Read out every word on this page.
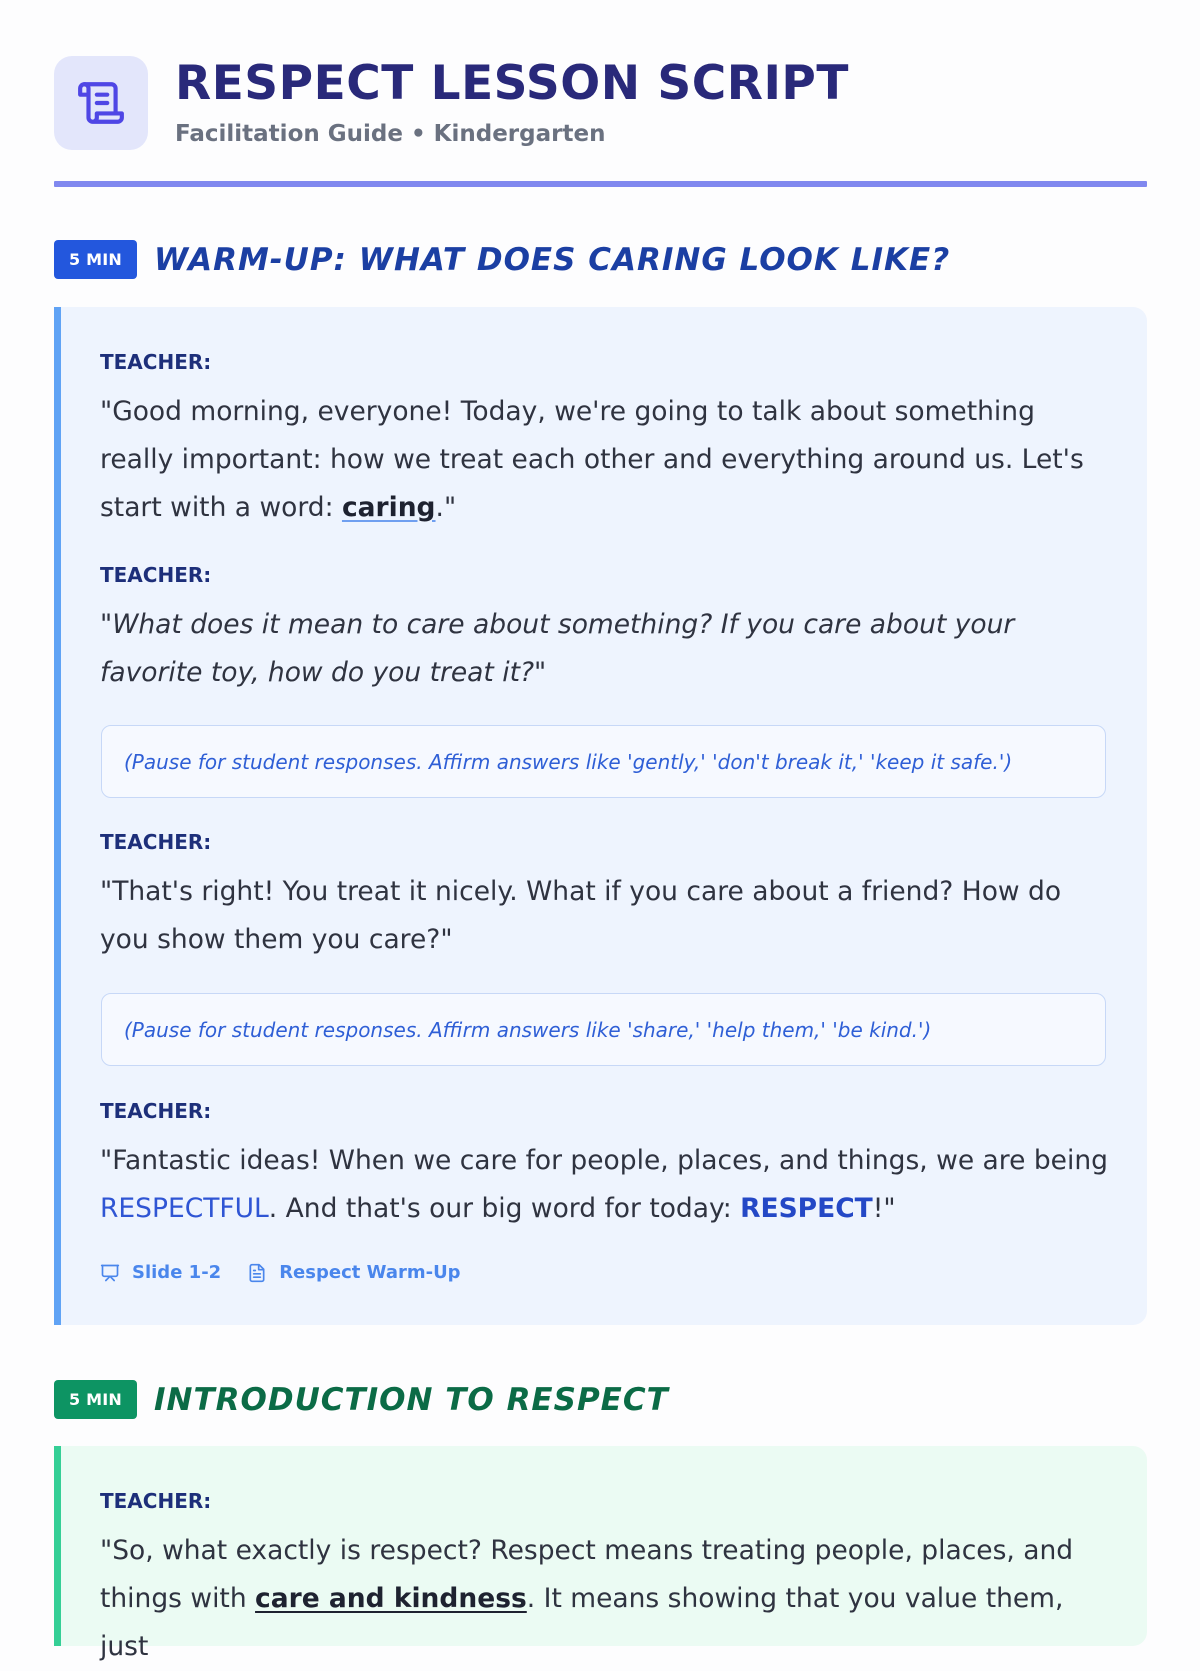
RESPECT LESSON SCRIPT
Facilitation Guide • Kindergarten
5 MIN	WARM-UP: WHAT DOES CARING LOOK LIKE?
TEACHER:
"Good morning, everyone! Today, we're going to talk about something really important: how we treat each other and everything around us. Let's start with a word: caring."
TEACHER:
"What does it mean to care about something? If you care about your favorite toy, how do you treat it?"
(Pause for student responses. Affirm answers like 'gently,' 'don't break it,' 'keep it safe.')
TEACHER:
"That's right! You treat it nicely. What if you care about a friend? How do you show them you care?"
(Pause for student responses. Affirm answers like 'share,' 'help them,' 'be kind.')
TEACHER:
"Fantastic ideas! When we care for people, places, and things, we are being RESPECTFUL. And that's our big word for today: RESPECT!"
Slide 1-2	Respect Warm-Up
5 MIN	INTRODUCTION TO RESPECT
TEACHER:
"So, what exactly is respect? Respect means treating people, places, and things with care and kindness. It means showing that you value them, just
